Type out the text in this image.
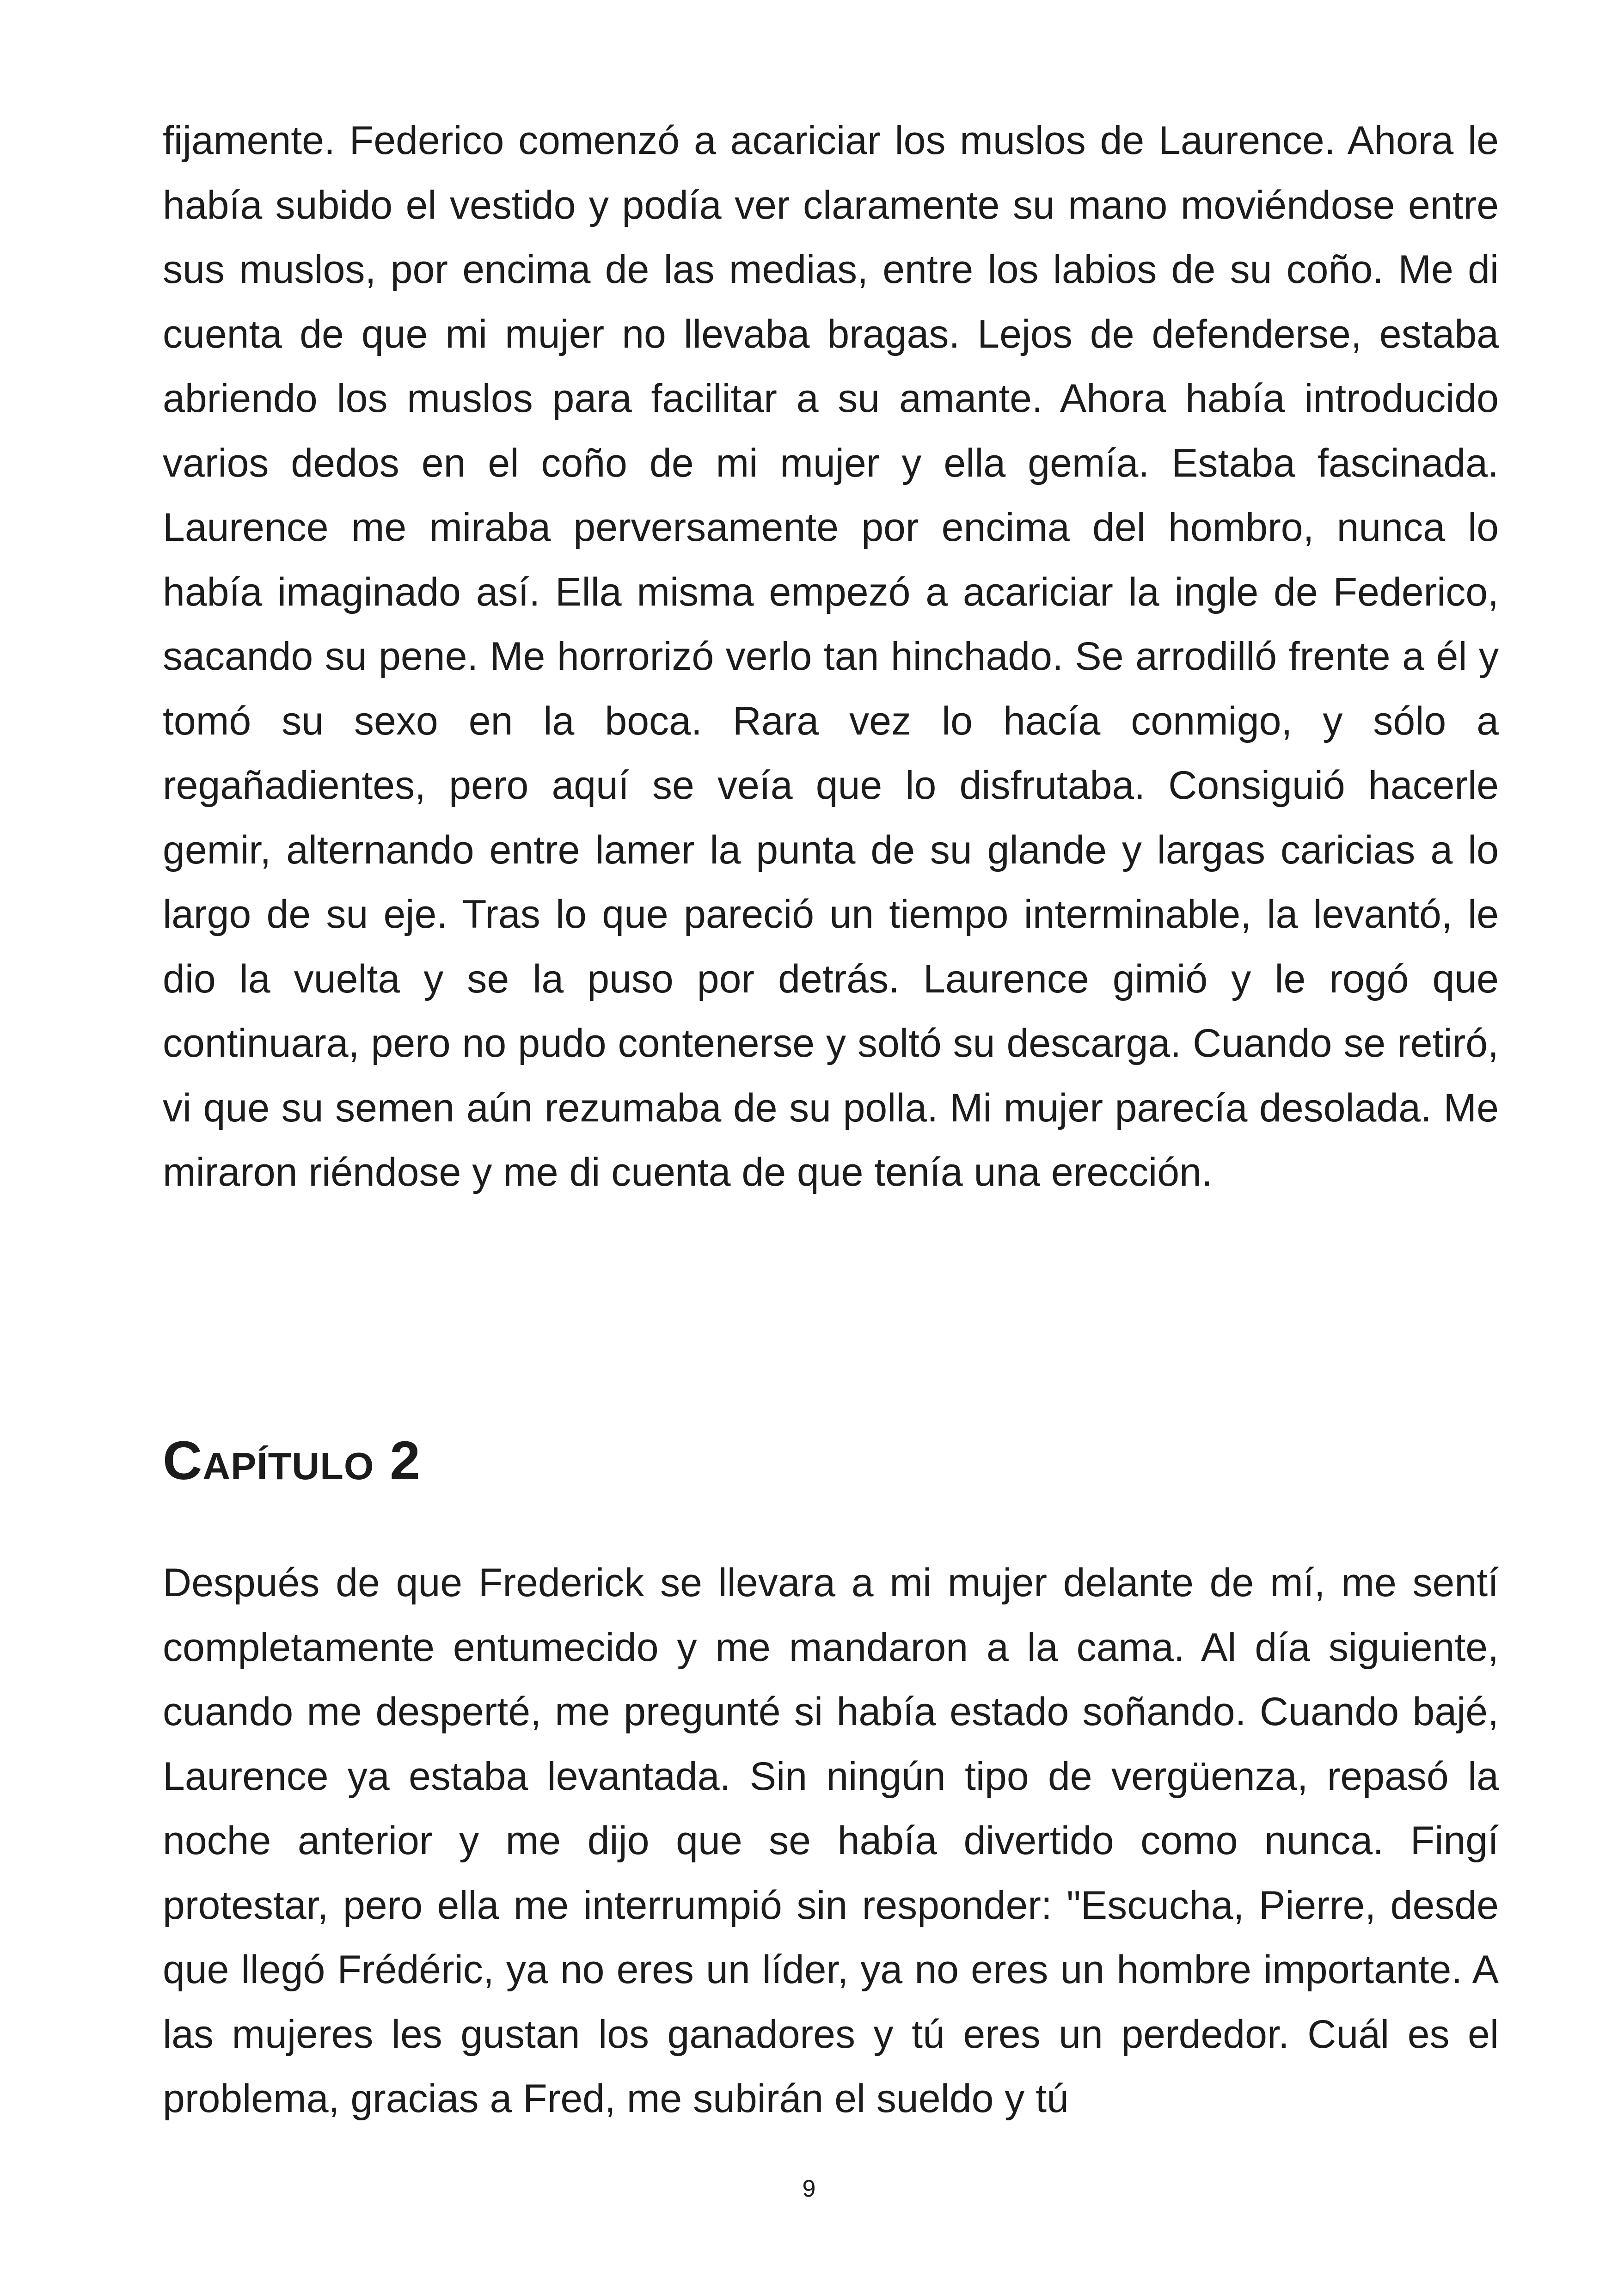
fijamente. Federico comenzó a acariciar los muslos de Laurence. Ahora le había subido el vestido y podía ver claramente su mano moviéndose entre sus muslos, por encima de las medias, entre los labios de su coño. Me di cuenta de que mi mujer no llevaba bragas. Lejos de defenderse, estaba abriendo los muslos para facilitar a su amante. Ahora había introducido varios dedos en el coño de mi mujer y ella gemía. Estaba fascinada. Laurence me miraba perversamente por encima del hombro, nunca lo había imaginado así. Ella misma empezó a acariciar la ingle de Federico, sacando su pene. Me horrorizó verlo tan hinchado. Se arrodilló frente a él y tomó su sexo en la boca. Rara vez lo hacía conmigo, y sólo a regañadientes, pero aquí se veía que lo disfrutaba. Consiguió hacerle gemir, alternando entre lamer la punta de su glande y largas caricias a lo largo de su eje. Tras lo que pareció un tiempo interminable, la levantó, le dio la vuelta y se la puso por detrás. Laurence gimió y le rogó que continuara, pero no pudo contenerse y soltó su descarga. Cuando se retiró, vi que su semen aún rezumaba de su polla. Mi mujer parecía desolada. Me miraron riéndose y me di cuenta de que tenía una erección.

Capítulo 2

Después de que Frederick se llevara a mi mujer delante de mí, me sentí completamente entumecido y me mandaron a la cama. Al día siguiente, cuando me desperté, me pregunté si había estado soñando. Cuando bajé, Laurence ya estaba levantada. Sin ningún tipo de vergüenza, repasó la noche anterior y me dijo que se había divertido como nunca. Fingí protestar, pero ella me interrumpió sin responder: "Escucha, Pierre, desde que llegó Frédéric, ya no eres un líder, ya no eres un hombre importante. A las mujeres les gustan los ganadores y tú eres un perdedor. Cuál es el problema, gracias a Fred, me subirán el sueldo y tú

9
